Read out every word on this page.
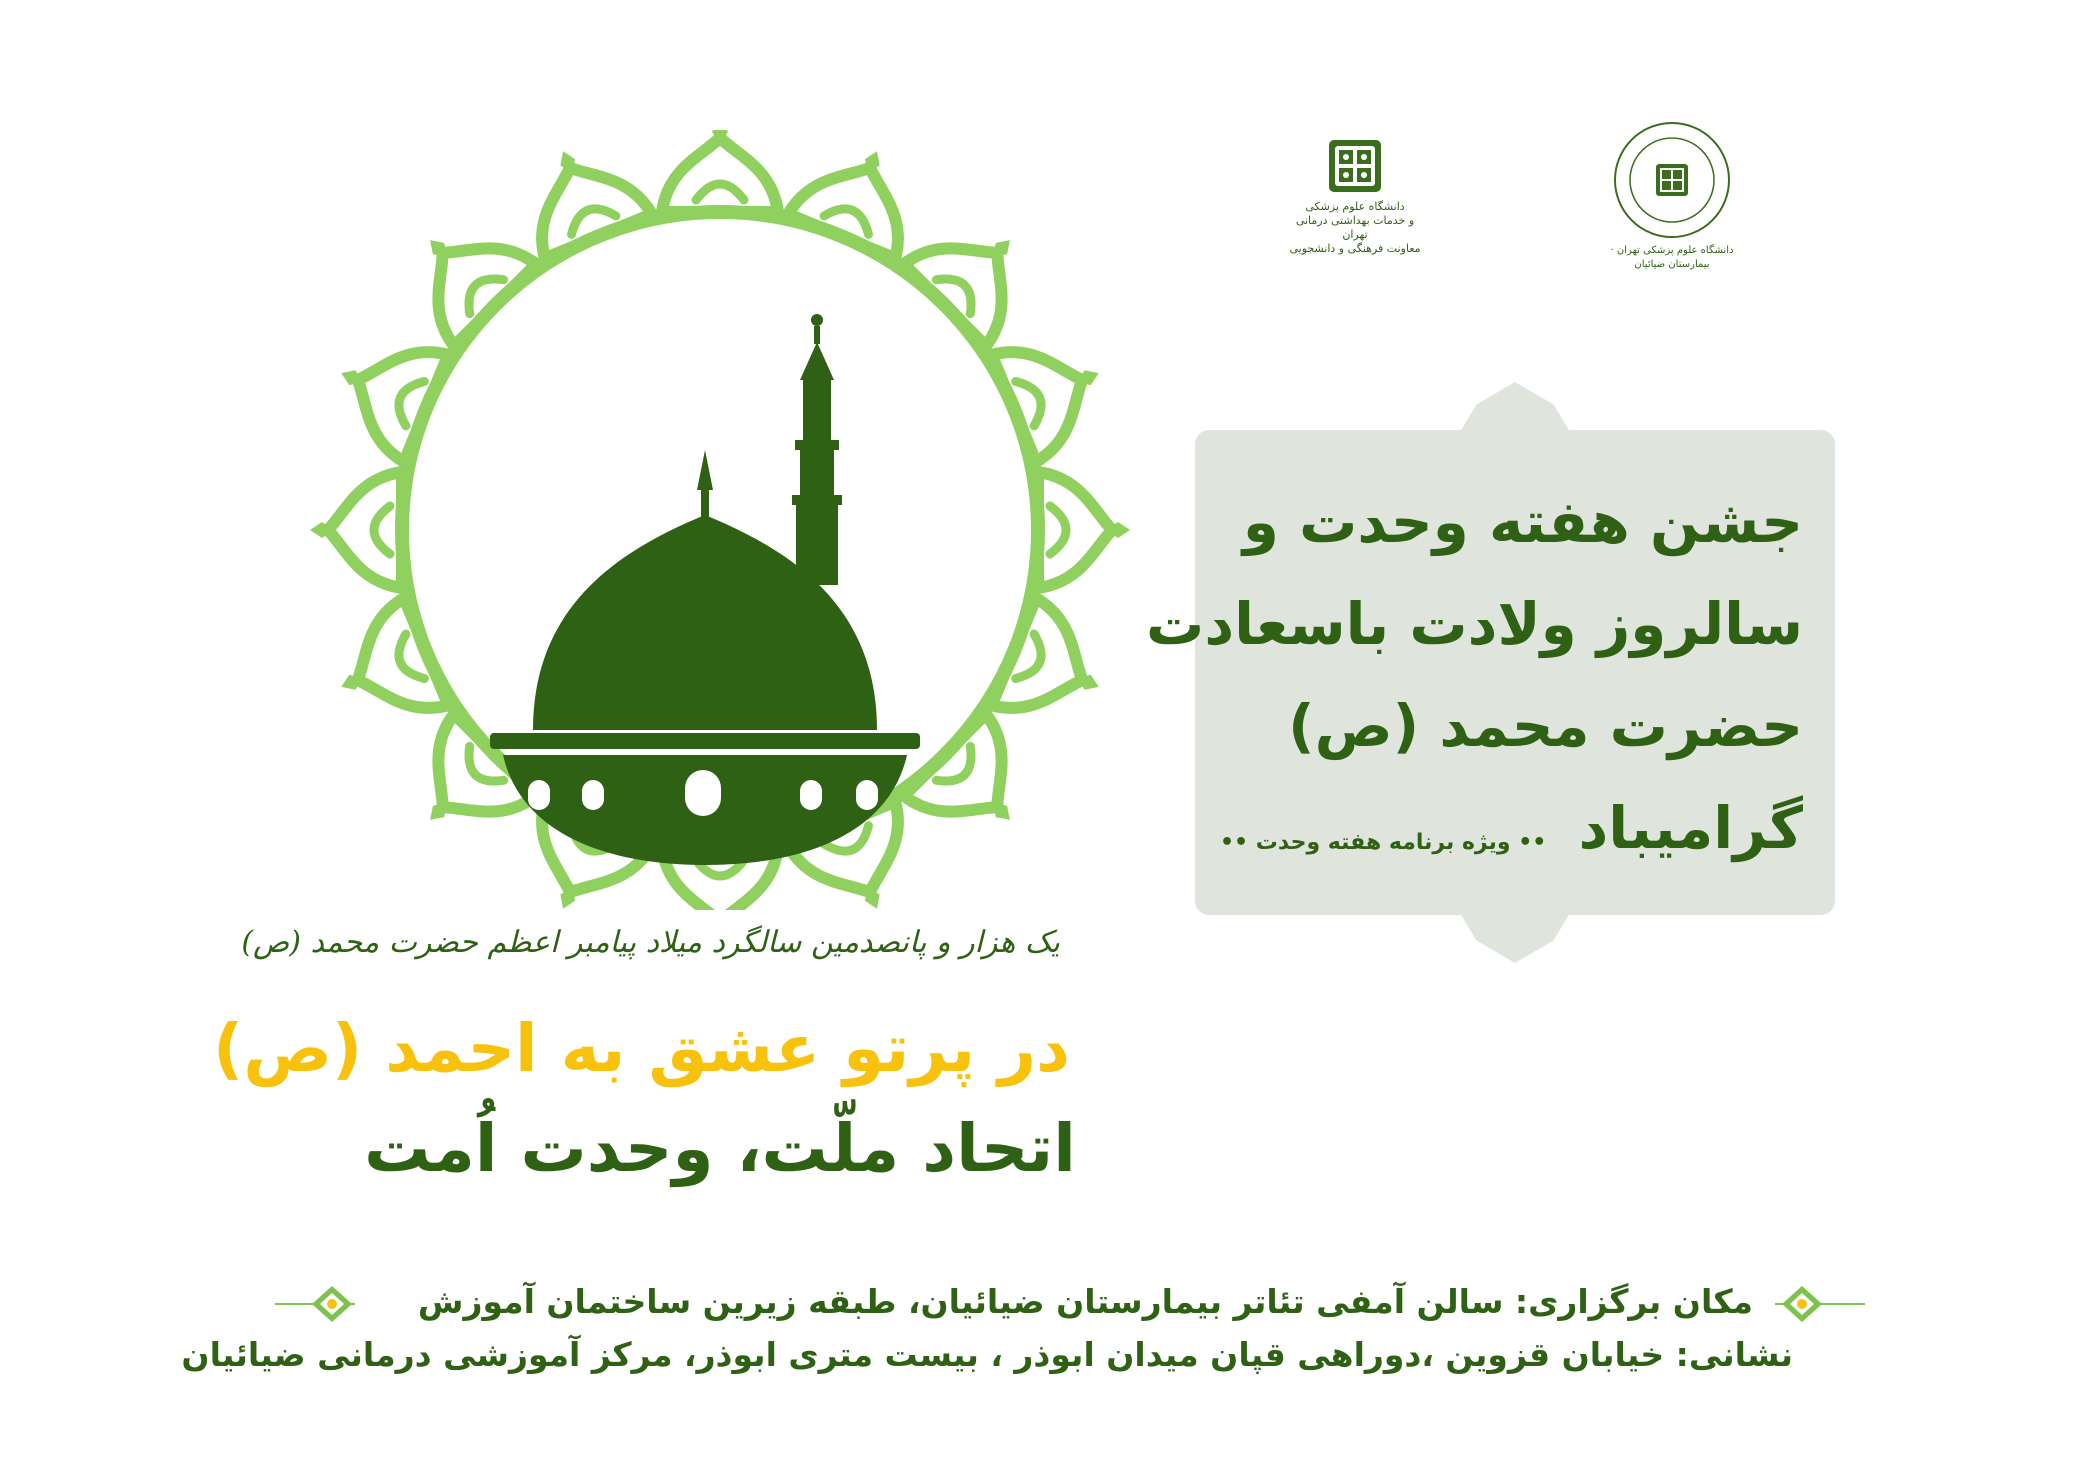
دانشگاه علوم پزشکی
و خدمات بهداشتی درمانی تهران
معاونت فرهنگی و دانشجویی	دانشگاه علوم پزشکی تهران · بیمارستان ضیائیان
جشن هفته وحدت و
سالروز ولادت باسعادت
حضرت محمد (ص)
گرامیباد
•• ویژه برنامه هفته وحدت ••
یک هزار و پانصدمین سالگرد میلاد پیامبر اعظم حضرت محمد (ص)
در پرتو عشق به احمد (ص)
اتحاد ملّت، وحدت اُمت
مکان برگزاری: سالن آمفی تئاتر بیمارستان ضیائیان، طبقه زیرین ساختمان آموزش
نشانی: خیابان قزوین ،دوراهی قپان میدان ابوذر ، بیست متری ابوذر، مرکز آموزشی درمانی ضیائیان
